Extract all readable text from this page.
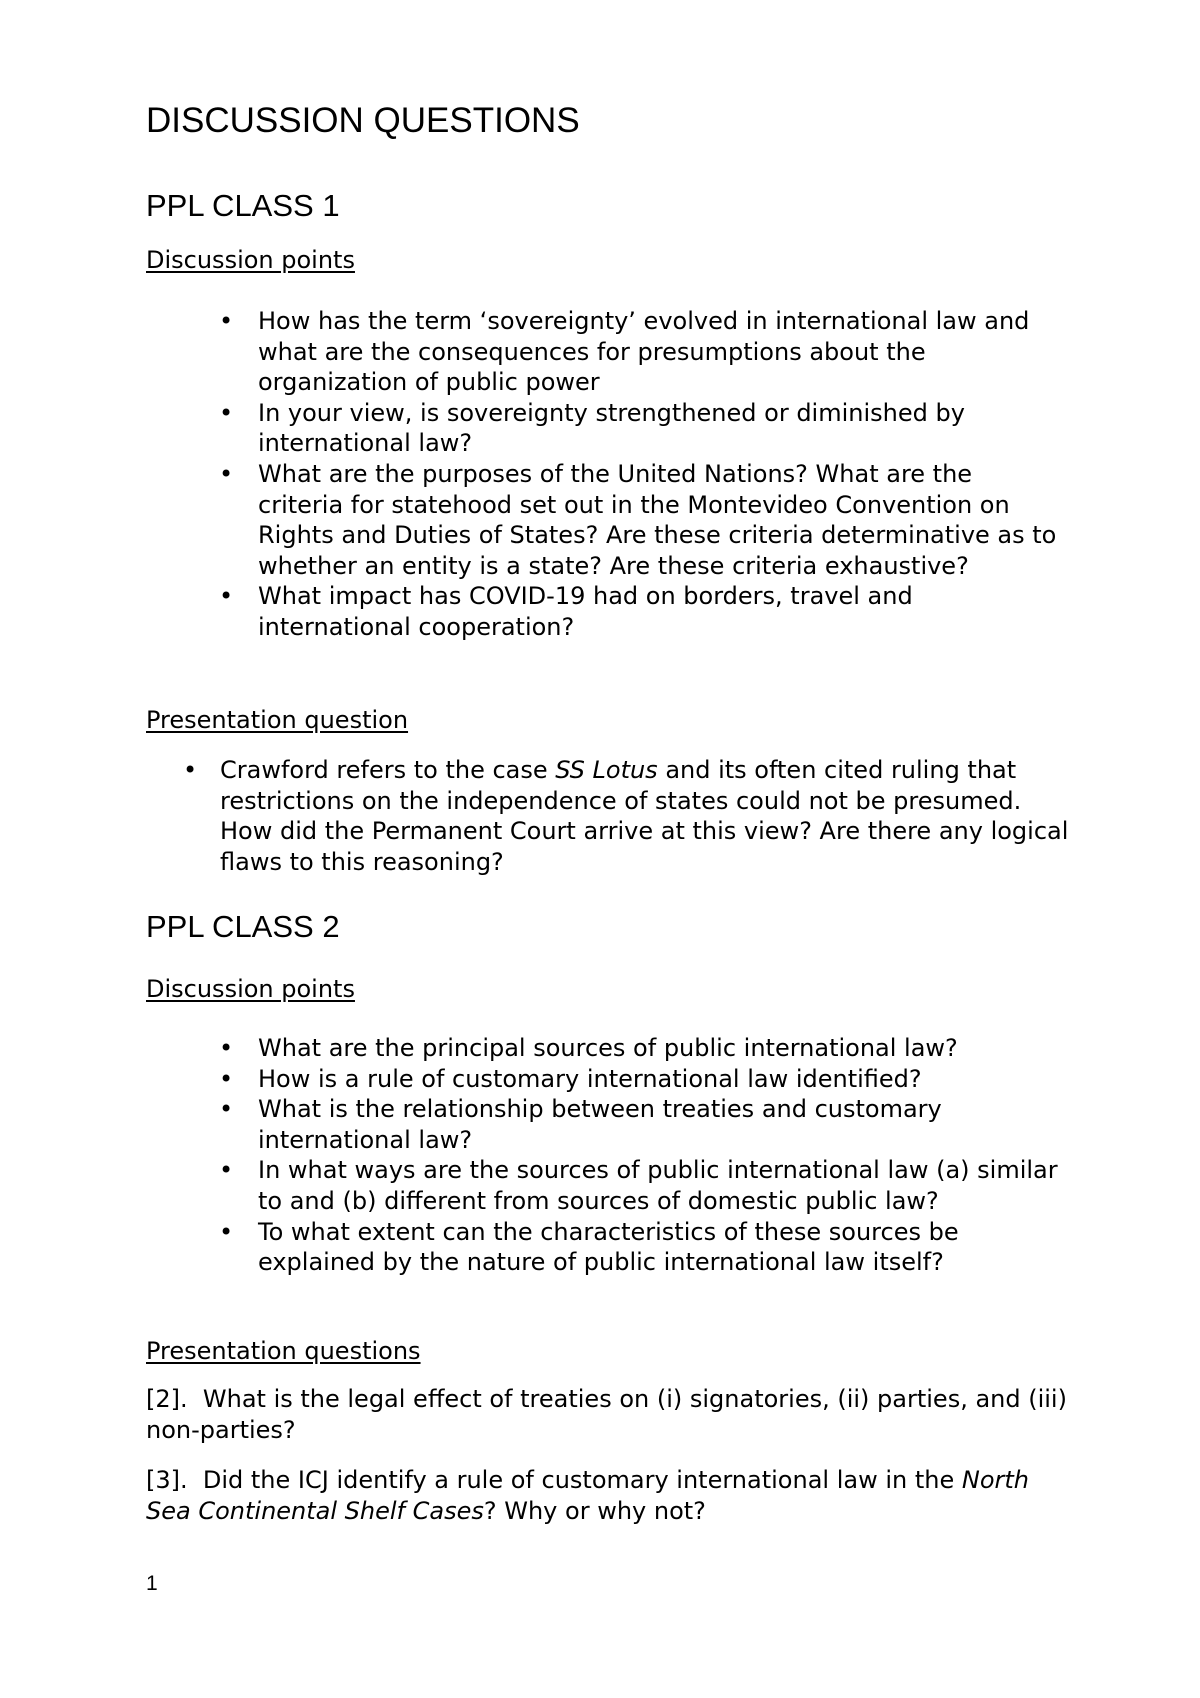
DISCUSSION QUESTIONS
PPL CLASS 1
Discussion points
• How has the term ‘sovereignty’ evolved in international law and what are the consequences for presumptions about the organization of public power
• In your view, is sovereignty strengthened or diminished by international law?
• What are the purposes of the United Nations? What are the criteria for statehood set out in the Montevideo Convention on Rights and Duties of States? Are these criteria determinative as to whether an entity is a state? Are these criteria exhaustive?
• What impact has COVID-19 had on borders, travel and international cooperation?
Presentation question
• Crawford refers to the case SS Lotus and its often cited ruling that restrictions on the independence of states could not be presumed. How did the Permanent Court arrive at this view? Are there any logical flaws to this reasoning?
PPL CLASS 2
Discussion points
• What are the principal sources of public international law?
• How is a rule of customary international law identified?
• What is the relationship between treaties and customary international law?
• In what ways are the sources of public international law (a) similar to and (b) different from sources of domestic public law?
• To what extent can the characteristics of these sources be explained by the nature of public international law itself?
Presentation questions

[2].  What is the legal effect of treaties on (i) signatories, (ii) parties, and (iii) non-parties?

[3].  Did the ICJ identify a rule of customary international law in the North Sea Continental Shelf Cases? Why or why not?

1
